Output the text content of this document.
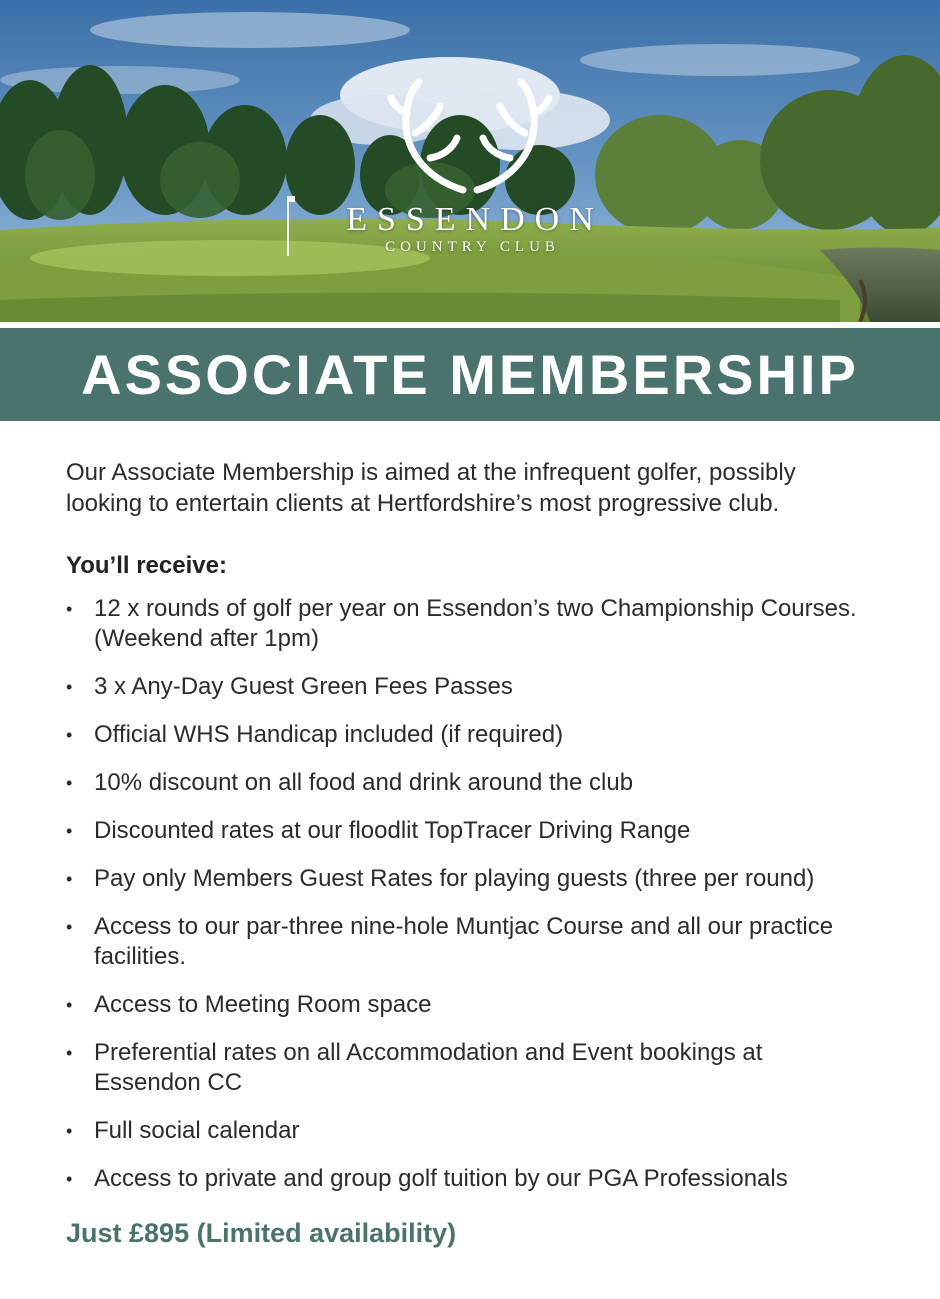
ESSENDON
COUNTRY CLUB
ASSOCIATE MEMBERSHIP

Our Associate Membership is aimed at the infrequent golfer, possibly looking to entertain clients at Hertfordshire’s most progressive club.

You’ll receive:
• 12 x rounds of golf per year on Essendon’s two Championship Courses. (Weekend after 1pm)
• 3 x Any-Day Guest Green Fees Passes
• Official WHS Handicap included (if required)
• 10% discount on all food and drink around the club
• Discounted rates at our floodlit TopTracer Driving Range
• Pay only Members Guest Rates for playing guests (three per round)
• Access to our par-three nine-hole Muntjac Course and all our practice facilities.
• Access to Meeting Room space
• Preferential rates on all Accommodation and Event bookings at Essendon CC
• Full social calendar
• Access to private and group golf tuition by our PGA Professionals
Just £895 (Limited availability)
